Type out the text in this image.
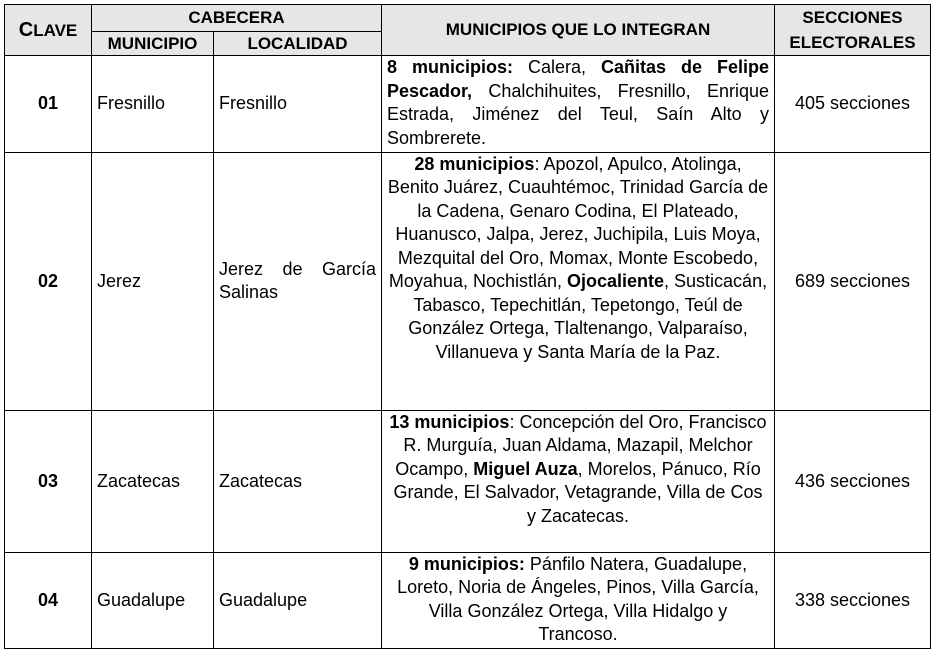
CLAVE	CABECERA		MUNICIPIOS QUE LO INTEGRAN	SECCIONES
ELECTORALES
	MUNICIPIO	LOCALIDAD		
01	Fresnillo	Fresnillo	8 municipios: Calera, Cañitas de Felipe Pescador, Chalchihuites, Fresnillo, Enrique Estrada, Jiménez del Teul, Saín Alto y Sombrerete.	405 secciones
02	Jerez	Jerez de García Salinas	28 municipios: Apozol, Apulco, Atolinga, Benito Juárez, Cuauhtémoc, Trinidad García de la Cadena, Genaro Codina, El Plateado, Huanusco, Jalpa, Jerez, Juchipila, Luis Moya, Mezquital del Oro, Momax, Monte Escobedo, Moyahua, Nochistlán, Ojocaliente, Susticacán, Tabasco, Tepechitlán, Tepetongo, Teúl de González Ortega, Tlaltenango, Valparaíso, Villanueva y Santa María de la Paz.	689 secciones
03	Zacatecas	Zacatecas	13 municipios: Concepción del Oro, Francisco R. Murguía, Juan Aldama, Mazapil, Melchor Ocampo, Miguel Auza, Morelos, Pánuco, Río Grande, El Salvador, Vetagrande, Villa de Cos y Zacatecas.	436 secciones
04	Guadalupe	Guadalupe	9 municipios: Pánfilo Natera, Guadalupe, Loreto, Noria de Ángeles, Pinos, Villa García, Villa González Ortega, Villa Hidalgo y Trancoso.	338 secciones
